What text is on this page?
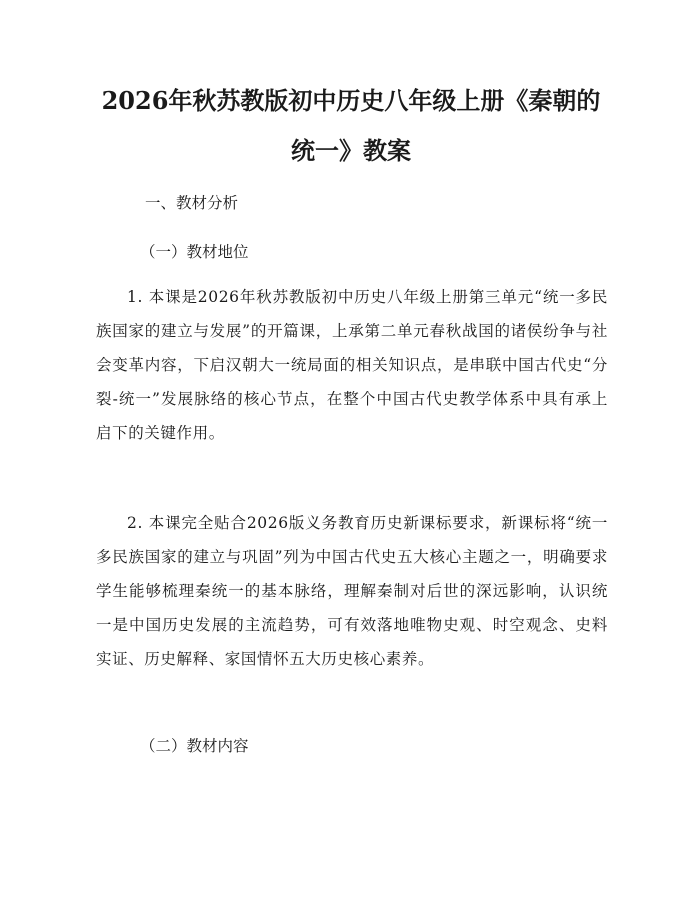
2026年秋苏教版初中历史八年级上册《秦朝的统一》教案

一、教材分析

（一）教材地位

1. 本课是2026年秋苏教版初中历史八年级上册第三单元“统一多民族国家的建立与发展”的开篇课，上承第二单元春秋战国的诸侯纷争与社会变革内容，下启汉朝大一统局面的相关知识点，是串联中国古代史“分裂-统一”发展脉络的核心节点，在整个中国古代史教学体系中具有承上启下的关键作用。

2. 本课完全贴合2026版义务教育历史新课标要求，新课标将“统一多民族国家的建立与巩固”列为中国古代史五大核心主题之一，明确要求学生能够梳理秦统一的基本脉络，理解秦制对后世的深远影响，认识统一是中国历史发展的主流趋势，可有效落地唯物史观、时空观念、史料实证、历史解释、家国情怀五大历史核心素养。

（二）教材内容
